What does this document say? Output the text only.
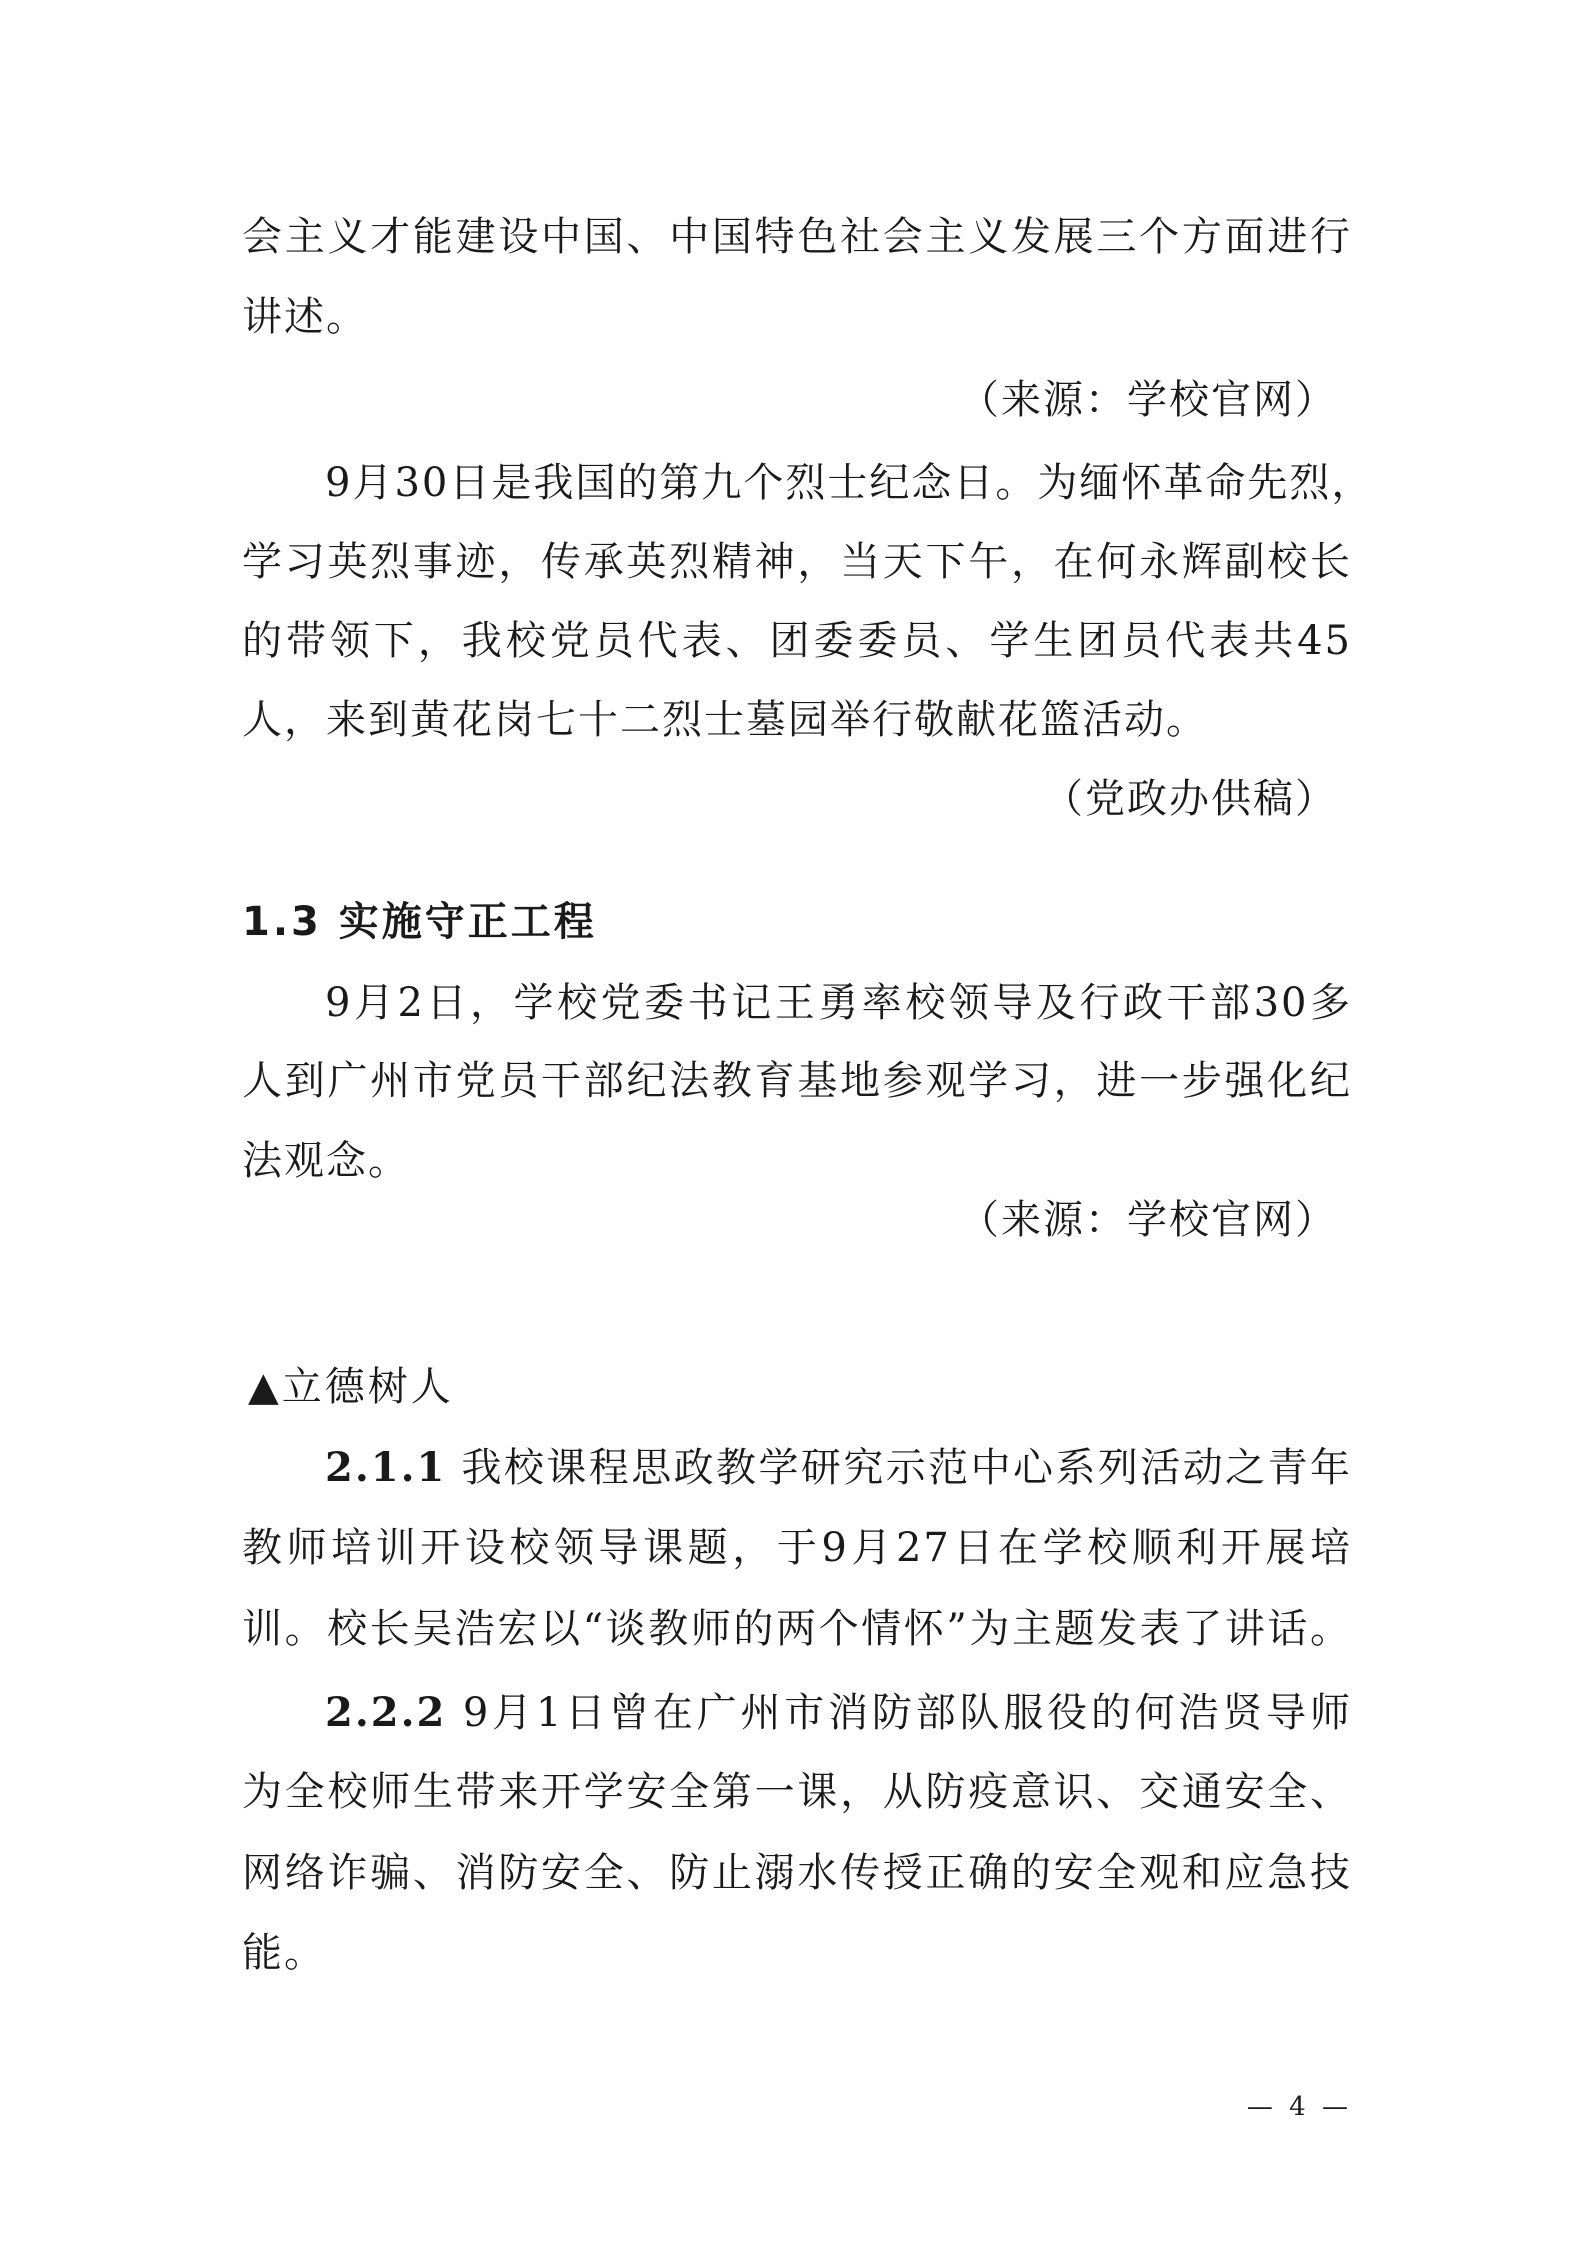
会主义才能建设中国、中国特色社会主义发展三个方面进行
讲述。
（来源：学校官网）
9月30日是我国的第九个烈士纪念日。为缅怀革命先烈，
学习英烈事迹，传承英烈精神，当天下午，在何永辉副校长
的带领下，我校党员代表、团委委员、学生团员代表共45
人，来到黄花岗七十二烈士墓园举行敬献花篮活动。
（党政办供稿）
1.3 实施守正工程
9月2日，学校党委书记王勇率校领导及行政干部30多
人到广州市党员干部纪法教育基地参观学习，进一步强化纪
法观念。
（来源：学校官网）
▲立德树人
2.1.1 我校课程思政教学研究示范中心系列活动之青年
教师培训开设校领导课题，于9月27日在学校顺利开展培
训。校长吴浩宏以“谈教师的两个情怀”为主题发表了讲话。
2.2.2 9月1日曾在广州市消防部队服役的何浩贤导师
为全校师生带来开学安全第一课，从防疫意识、交通安全、
网络诈骗、消防安全、防止溺水传授正确的安全观和应急技
能。
— 4 —
